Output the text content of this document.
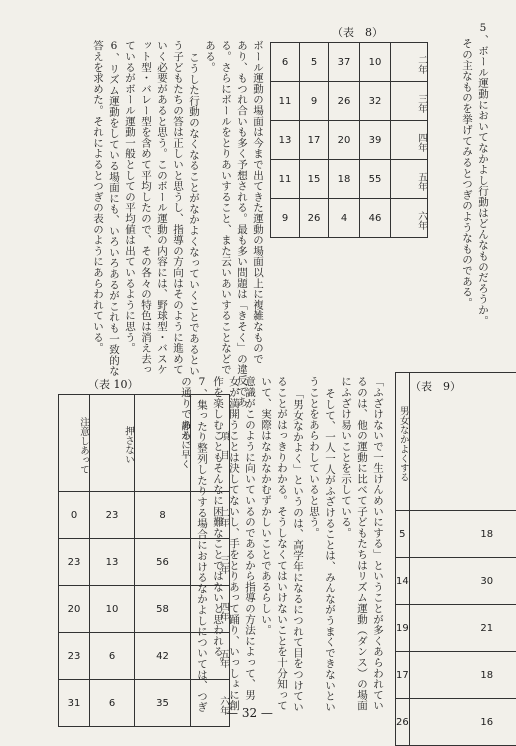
5、ボール運動においてなかよし行動はどんなものだろうか。
その主なものを挙げてみるとつぎのようなものである。
（表　8）
6	5	37	10	二年
11	9	26	32	三年
13	17	20	39	四年
11	15	18	55	五年
9	26	4	46	六年
ボール運動の場面は今まで出てきた運動の場面以上に複雑なもので
あり、もつれ合いも多く予想される。最も多い問題は「きそく」の違反であ
る。さらにボールをとりあいすること、また云いあいすることなどで
ある。
こうした行動のなくなることがなかよくなっていくことであるとい
う子どもたちの答は正しいと思うし、指導の方向はそのように進めて
いく必要があると思う。このボール運動の内容には、野球型・バスケ
ット型・バレー型を含めて平均したので、その各々の特色は消え去っ
ているがボール運動一般としての平均値は出ているように思う。
6、リズム運動をしている場面にも、いろいろあるがこれも一致的な
答えを求めた。それによるとつぎの表のようにあらわれている。
（表　9）
男女なかよくする		
5	18	
14	30	
19	21	
17	18	
26	16	
「ふざけないで一生けんめいにする」ということが多くあらわれてい
るのは、他の運動に比べて子どもたちはリズム運動（ダンス）の場面
にふざけ易いことを示している。
そして、一人一人がふざけることは、みんながうまくできないとい
うことをあらわしていると思う。
「男女なかよく」というのは、高学年になるにつれて目をつけてい
ることがはっきりわかる。そうしなくてはいけないことを十分知って
いて、実際はなかなかむずかしいことであるらしい。
意識がこのように向いているのであるから指導の方法によって、男
女が満開うことは決してないし、手をとりあって踊り、いっしょに創
作を楽しむこともそんなに困難なことではないと思われる。
7、集ったり整列したりする場合におけるなかよしについては、つぎ
の通りである。
（表 10）
注意しあって	押さない	静かに早く	項　目
0	23	8	二年
23	13	56	三年
20	10	58	四年
23	6	42	五年
31	6	35	六年
— 32 —
